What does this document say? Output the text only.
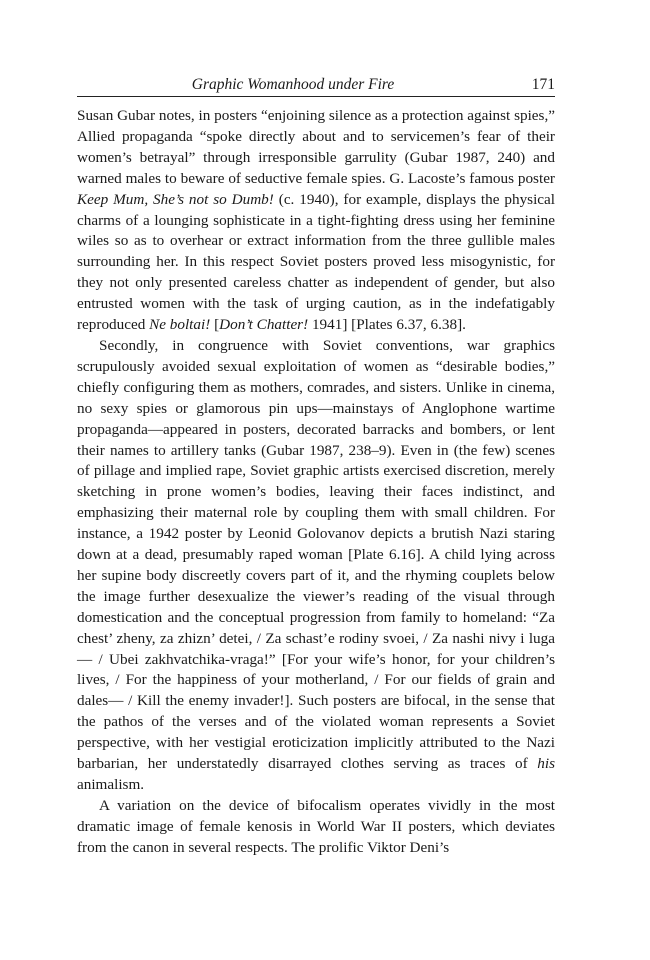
Graphic Womanhood under Fire	171

Susan Gubar notes, in posters “enjoining silence as a protection against spies,” Allied propaganda “spoke directly about and to servicemen’s fear of their women’s betrayal” through irresponsible garrulity (Gubar 1987, 240) and warned males to beware of seductive female spies. G. Lacoste’s famous poster Keep Mum, She’s not so Dumb! (c. 1940), for example, displays the physical charms of a lounging sophisticate in a tight-fighting dress using her feminine wiles so as to overhear or extract information from the three gullible males surrounding her. In this respect Soviet posters proved less misogynistic, for they not only presented careless chatter as independent of gender, but also entrusted women with the task of urging caution, as in the indefatigably reproduced Ne boltai! [Don’t Chatter! 1941] [Plates 6.37, 6.38].

Secondly, in congruence with Soviet conventions, war graphics scrupulously avoided sexual exploitation of women as “desirable bodies,” chiefly configuring them as mothers, comrades, and sisters. Unlike in cinema, no sexy spies or glamorous pin ups—mainstays of Anglophone wartime propaganda—appeared in posters, decorated barracks and bombers, or lent their names to artillery tanks (Gubar 1987, 238–9). Even in (the few) scenes of pillage and implied rape, Soviet graphic artists exercised discretion, merely sketching in prone women’s bodies, leaving their faces indistinct, and emphasizing their maternal role by coupling them with small children. For instance, a 1942 poster by Leonid Golovanov depicts a brutish Nazi staring down at a dead, presumably raped woman [Plate 6.16]. A child lying across her supine body discreetly covers part of it, and the rhyming couplets below the image further desexualize the viewer’s reading of the visual through domestication and the conceptual progression from family to homeland: “Za chest’ zheny, za zhizn’ detei, / Za schast’e rodiny svoei, / Za nashi nivy i luga— / Ubei zakhvatchika-vraga!” [For your wife’s honor, for your children’s lives, / For the happiness of your motherland, / For our fields of grain and dales— / Kill the enemy invader!]. Such posters are bifocal, in the sense that the pathos of the verses and of the violated woman represents a Soviet perspective, with her vestigial eroticization implicitly attributed to the Nazi barbarian, her understatedly disarrayed clothes serving as traces of his animalism.

A variation on the device of bifocalism operates vividly in the most dramatic image of female kenosis in World War II posters, which deviates from the canon in several respects. The prolific Viktor Deni’s
